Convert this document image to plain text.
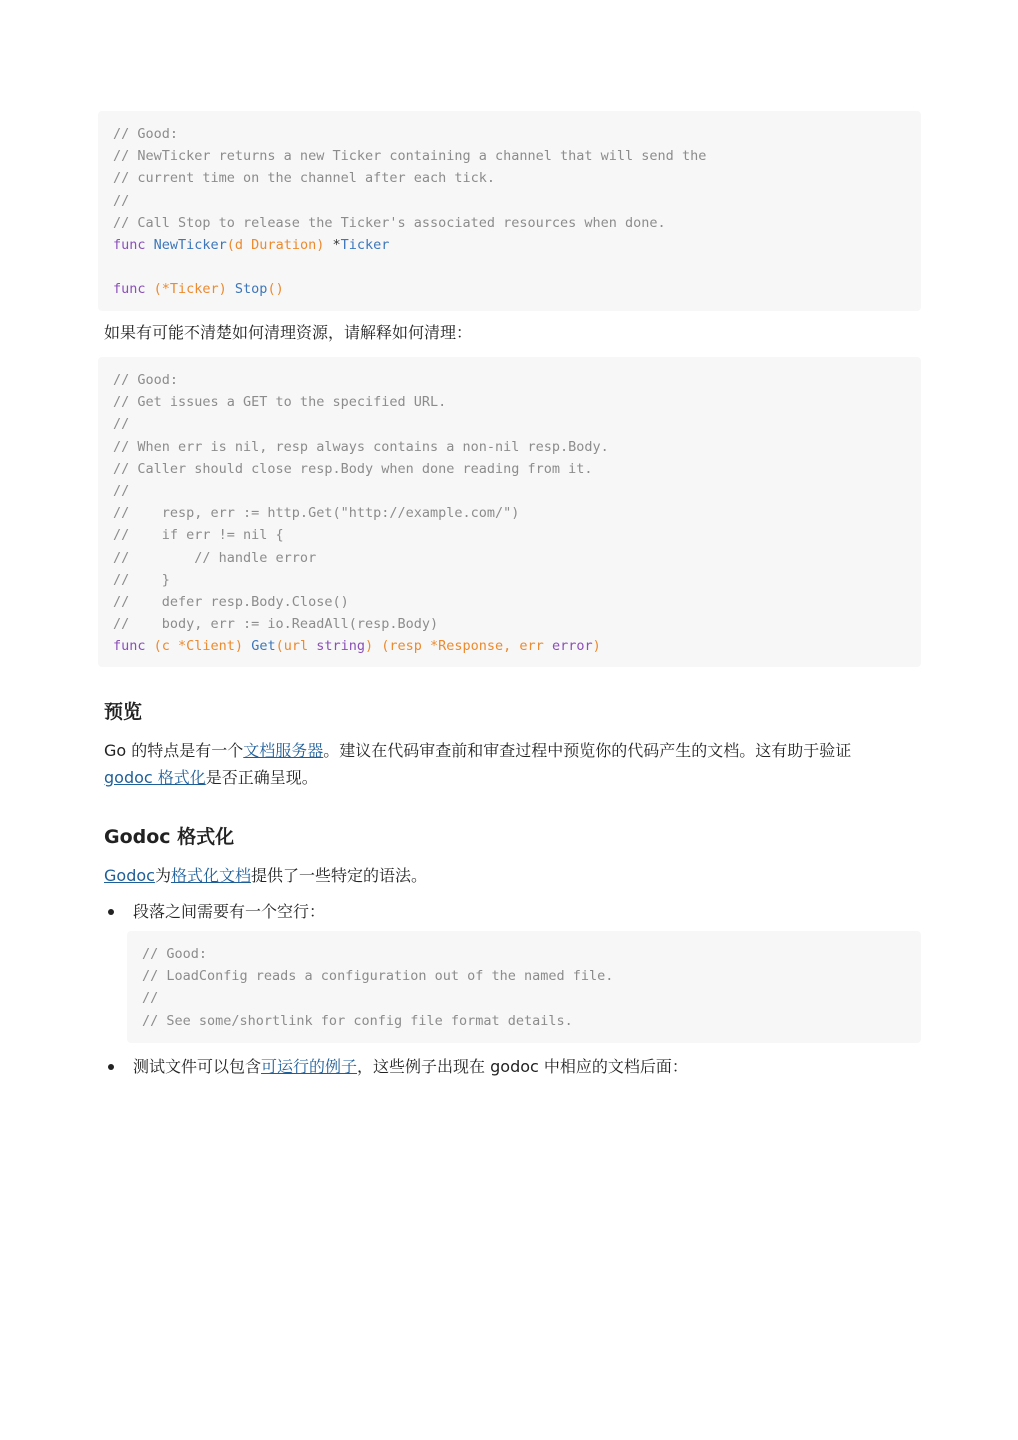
// Good:
// NewTicker returns a new Ticker containing a channel that will send the
// current time on the channel after each tick.
//
// Call Stop to release the Ticker's associated resources when done.
func NewTicker(d Duration) *Ticker
func (*Ticker) Stop()
如果有可能不清楚如何清理资源，请解释如何清理：
// Good:
// Get issues a GET to the specified URL.
//
// When err is nil, resp always contains a non-nil resp.Body.
// Caller should close resp.Body when done reading from it.
//
//    resp, err := http.Get("http://example.com/")
//    if err != nil {
//        // handle error
//    }
//    defer resp.Body.Close()
//    body, err := io.ReadAll(resp.Body)
func (c *Client) Get(url string) (resp *Response, err error)
预览
Go 的特点是有一个文档服务器。建议在代码审查前和审查过程中预览你的代码产生的文档。这有助于验证
godoc 格式化是否正确呈现。
Godoc 格式化
Godoc为格式化文档提供了一些特定的语法。
段落之间需要有一个空行：
// Good:
// LoadConfig reads a configuration out of the named file.
//
// See some/shortlink for config file format details.
测试文件可以包含可运行的例子，这些例子出现在 godoc 中相应的文档后面：
